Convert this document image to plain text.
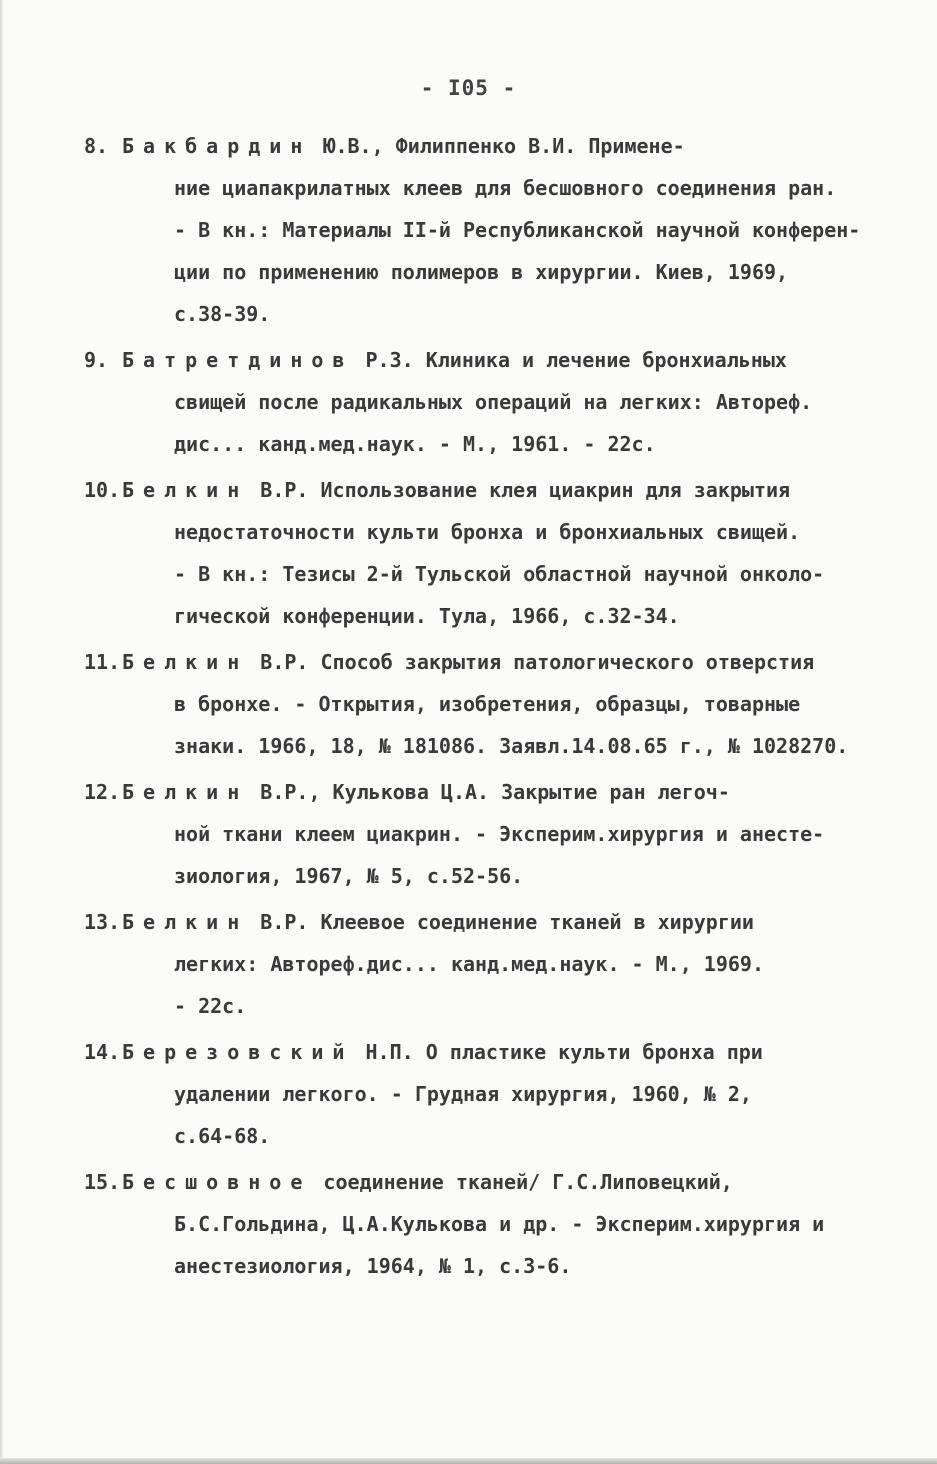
- I05 -
8. Бакбардин Ю.В., Филиппенко В.И. Примене-
ние циапакрилатных клеев для бесшовного соединения ран.
- В кн.: Материалы II-й Республиканской научной конферен-
ции по применению полимеров в хирургии. Киев, 1969,
с.38-39.
9. Батретдинов Р.З. Клиника и лечение бронхиальных
свищей после радикальных операций на легких: Автореф.
дис... канд.мед.наук. - М., 1961. - 22с.
10.Белкин В.Р. Использование клея циакрин для закрытия
недостаточности культи бронха и бронхиальных свищей.
- В кн.: Тезисы 2-й Тульской областной научной онколо-
гической конференции. Тула, 1966, с.32-34.
11.Белкин В.Р. Способ закрытия патологического отверстия
в бронхе. - Открытия, изобретения, образцы, товарные
знаки. 1966, 18, № 181086. Заявл.14.08.65 г., № 1028270.
12.Белкин В.Р., Кулькова Ц.А. Закрытие ран легоч-
ной ткани клеем циакрин. - Эксперим.хирургия и анесте-
зиология, 1967, № 5, с.52-56.
13.Белкин В.Р. Клеевое соединение тканей в хирургии
легких: Автореф.дис... канд.мед.наук. - М., 1969.
- 22с.
14.Березовский Н.П. О пластике культи бронха при
удалении легкого. - Грудная хирургия, 1960, № 2,
с.64-68.
15.Бесшовное соединение тканей/ Г.С.Липовецкий,
Б.С.Гольдина, Ц.А.Кулькова и др. - Эксперим.хирургия и
анестезиология, 1964, № 1, с.3-6.
